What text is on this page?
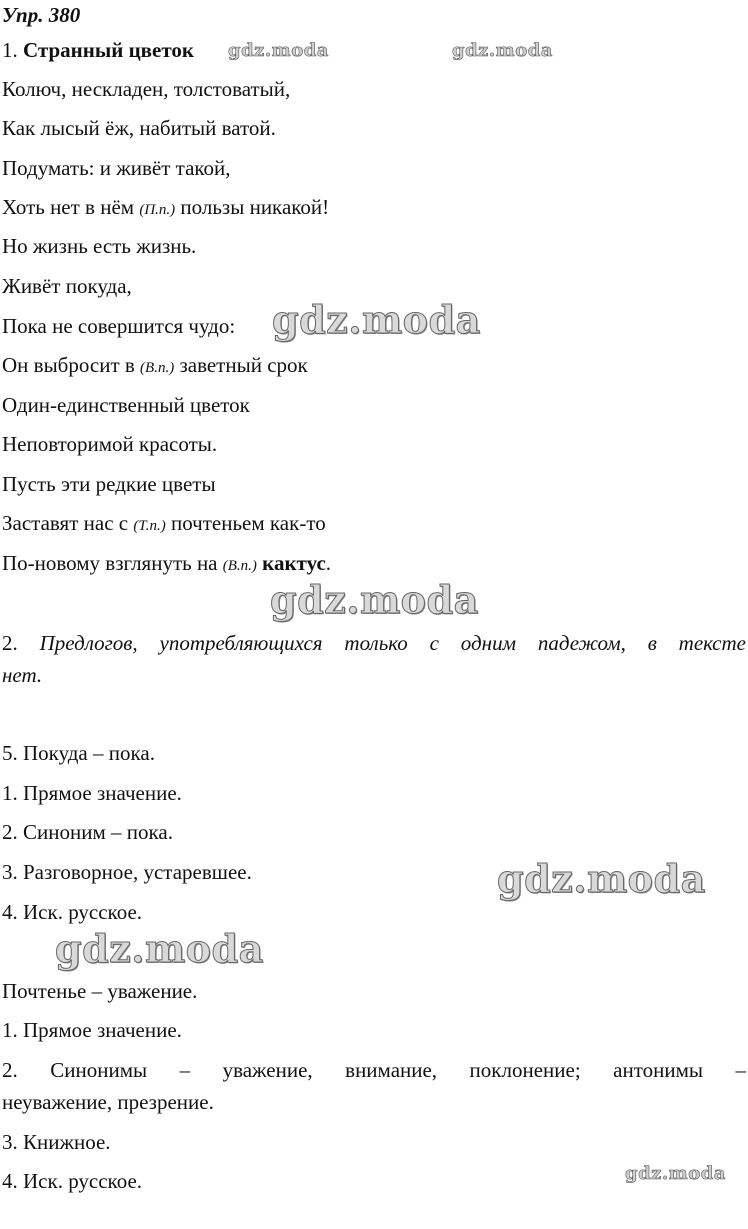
Упр. 380

1. Странный цветок

Колюч, нескладен, толстоватый,

Как лысый ёж, набитый ватой.

Подумать: и живёт такой,

Хоть нет в нём (П.п.) пользы никакой!

Но жизнь есть жизнь.

Живёт покуда,

Пока не совершится чудо:

Он выбросит в (В.п.) заветный срок

Один-единственный цветок

Неповторимой красоты.

Пусть эти редкие цветы

Заставят нас с (Т.п.) почтеньем как-то

По-новому взглянуть на (В.п.) кактус.

2. Предлогов, употребляющихся только с одним падежом, в тексте

нет.

5. Покуда – пока.

1. Прямое значение.

2. Синоним – пока.

3. Разговорное, устаревшее.

4. Иск. русское.

Почтенье – уважение.

1. Прямое значение.

2. Синонимы – уважение, внимание, поклонение; антонимы –

неуважение, презрение.

3. Книжное.

4. Иск. русское.

gdz.moda	gdz.moda
gdz.moda
gdz.moda
gdz.moda
gdz.moda
gdz.moda
